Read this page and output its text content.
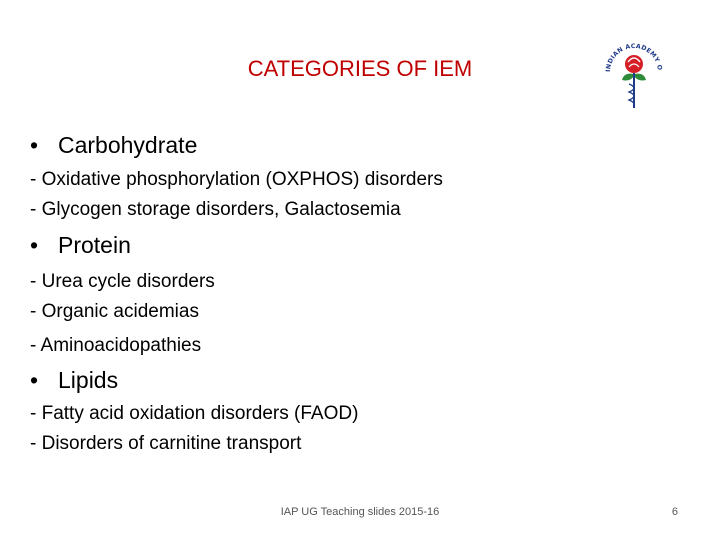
CATEGORIES OF IEM	INDIAN ACADEMY O
• Carbohydrate
- Oxidative phosphorylation (OXPHOS) disorders
- Glycogen storage disorders, Galactosemia
• Protein
- Urea cycle disorders
- Organic acidemias
- Aminoacidopathies
• Lipids
- Fatty acid oxidation disorders (FAOD)
- Disorders of carnitine transport
IAP UG Teaching slides 2015-16	6
